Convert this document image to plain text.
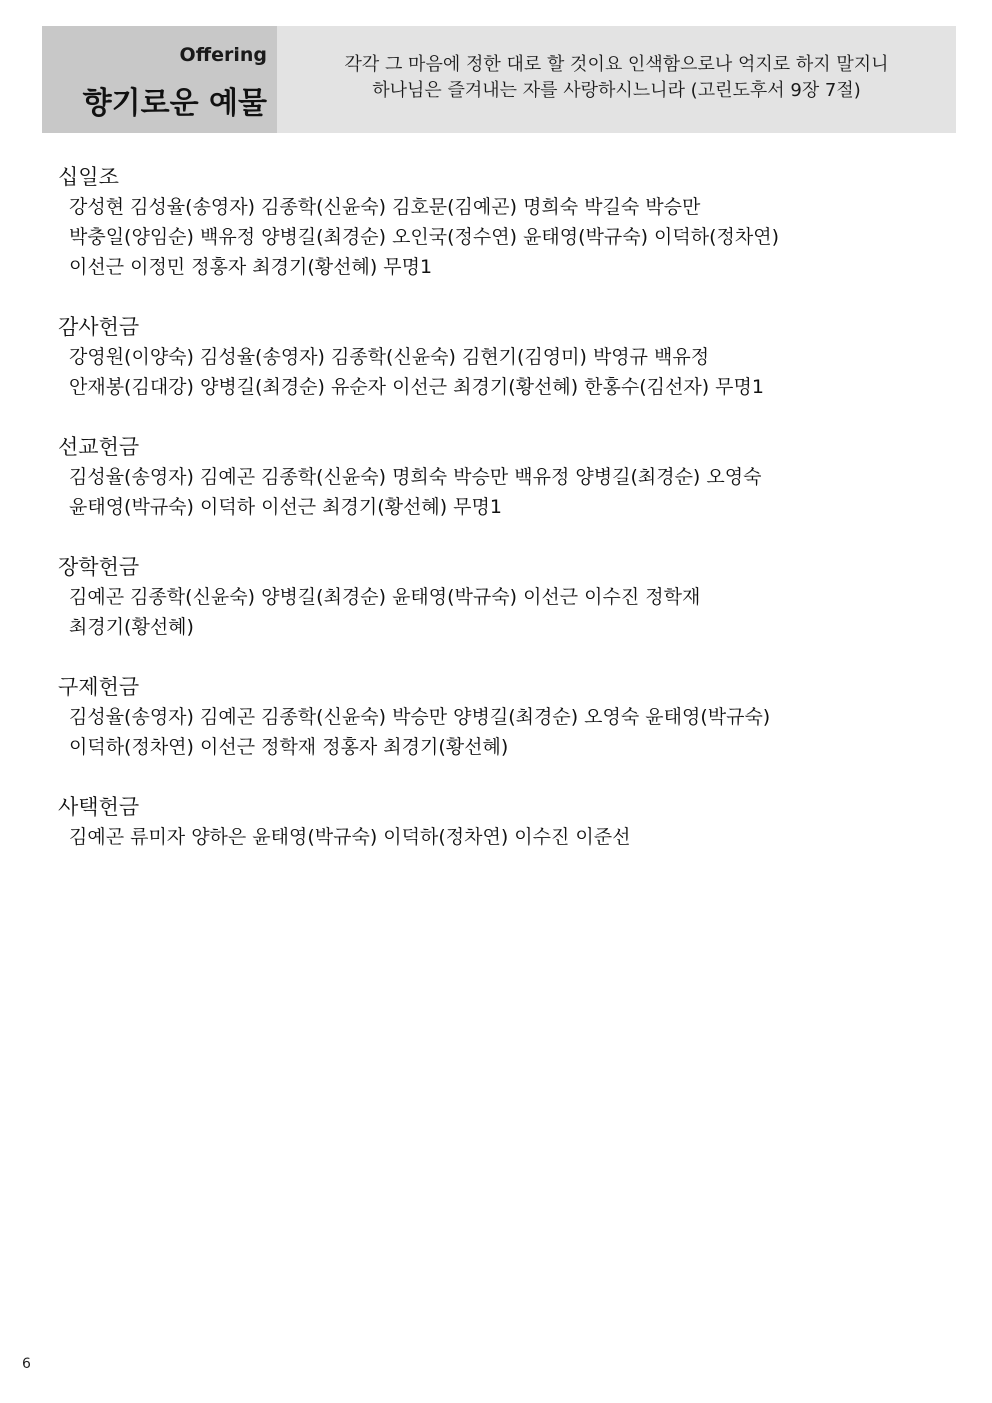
Offering
향기로운 예물
각각 그 마음에 정한 대로 할 것이요 인색함으로나 억지로 하지 말지니
하나님은 즐겨내는 자를 사랑하시느니라 (고린도후서 9장 7절)
십일조
강성현 김성율(송영자) 김종학(신윤숙) 김호문(김예곤) 명희숙 박길숙 박승만
박충일(양임순) 백유정 양병길(최경순) 오인국(정수연) 윤태영(박규숙) 이덕하(정차연)
이선근 이정민 정홍자 최경기(황선혜) 무명1
감사헌금
강영원(이양숙) 김성율(송영자) 김종학(신윤숙) 김현기(김영미) 박영규 백유정
안재봉(김대강) 양병길(최경순) 유순자 이선근 최경기(황선혜) 한홍수(김선자) 무명1
선교헌금
김성율(송영자) 김예곤 김종학(신윤숙) 명희숙 박승만 백유정 양병길(최경순) 오영숙
윤태영(박규숙) 이덕하 이선근 최경기(황선혜) 무명1
장학헌금
김예곤 김종학(신윤숙) 양병길(최경순) 윤태영(박규숙) 이선근 이수진 정학재
최경기(황선혜)
구제헌금
김성율(송영자) 김예곤 김종학(신윤숙) 박승만 양병길(최경순) 오영숙 윤태영(박규숙)
이덕하(정차연) 이선근 정학재 정홍자 최경기(황선혜)
사택헌금
김예곤 류미자 양하은 윤태영(박규숙) 이덕하(정차연) 이수진 이준선
6
